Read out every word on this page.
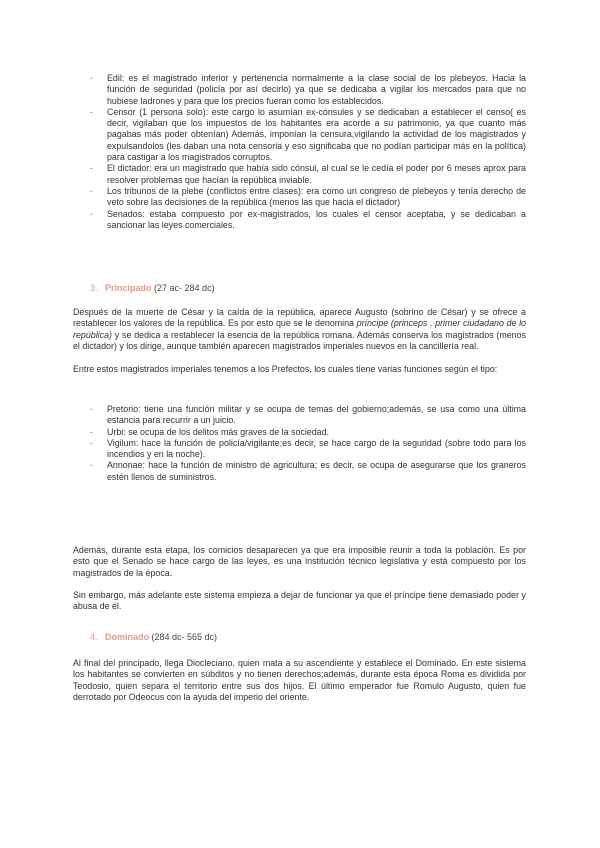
- Edil: es el magistrado inferior y pertenencia normalmente a la clase social de los plebeyos. Hacia la función de seguridad (policía por así decirlo) ya que se dedicaba a vigilar los mercados para que no hubiese ladrones y para que los precios fueran como los establecidos.
- Censor (1 persona solo): este cargo lo asumían ex-cónsules y se dedicaban a establecer el censo( es decir, vigilaban que los impuestos de los habitantes era acorde a su patrimonio, ya que cuanto más pagabas más poder obtenían) Además, imponían la censura,vigilando la actividad de los magistrados y expulsandolos (les daban una nota censoria y eso significaba que no podían participar más en la política) para castigar a los magistrados corruptos.
- El dictador: era un magistrado que había sido cónsul, al cual se le cedía el poder por 6 meses aprox para resolver problemas que hacían la república inviable.
- Los tribunos de la plebe (conflictos entre clases): era como un congreso de plebeyos y tenía derecho de veto sobre las decisiones de la república (menos las que hacia el dictador)
- Senados: estaba compuesto por ex-magistrados, los cuales el censor aceptaba, y se dedicaban a sancionar las leyes comerciales.
3. Principado (27 ac- 284 dc)

Después de la muerte de César y la caída de la república, aparece Augusto (sobrino de César) y se ofrece a restablecer los valores de la república. Es por esto que se le denomina príncipe (princeps , primer ciudadano de lo república) y se dedica a restablecer la esencia de la república romana. Además conserva los magistrados (menos el dictador) y los dirige, aunque también aparecen magistrados imperiales nuevos en la cancillería real.

Entre estos magistrados imperiales tenemos a los Prefectos, los cuales tiene varias funciones según el tipo:

- Pretorio: tiene una función militar y se ocupa de temas del gobierno;además, se usa como una última estancia para recurrir a un juicio.
- Urbi: se ocupa de los delitos más graves de la sociedad.
- Vigilum: hace la función de policía/vigilante;es decir, se hace cargo de la seguridad (sobre todo para los incendios y en la noche).
- Annonae: hace la función de ministro de agricultura; es decir, se ocupa de asegurarse que los graneros estén llenos de suministros.

Además, durante esta etapa, los comicios desaparecen ya que era imposible reunir a toda la población. Es por esto que el Senado se hace cargo de las leyes, es una institución técnico legislativa y está compuesto por los magistrados de la época.

Sin embargo, más adelante este sistema empieza a dejar de funcionar ya que el príncipe tiene demasiado poder y abusa de él.

4. Dominado (284 dc- 565 dc)

Al final del principado, llega Diocleciano, quien mata a su ascendiente y establece el Dominado. En este sistema los habitantes se convierten en súbditos y no tienen derechos;además, durante esta época Roma es dividida por Teodosio, quien separa el territorio entre sus dos hijos. El último emperador fue Romulo Augusto, quien fue derrotado por Odeocus con la ayuda del imperio del oriente.
